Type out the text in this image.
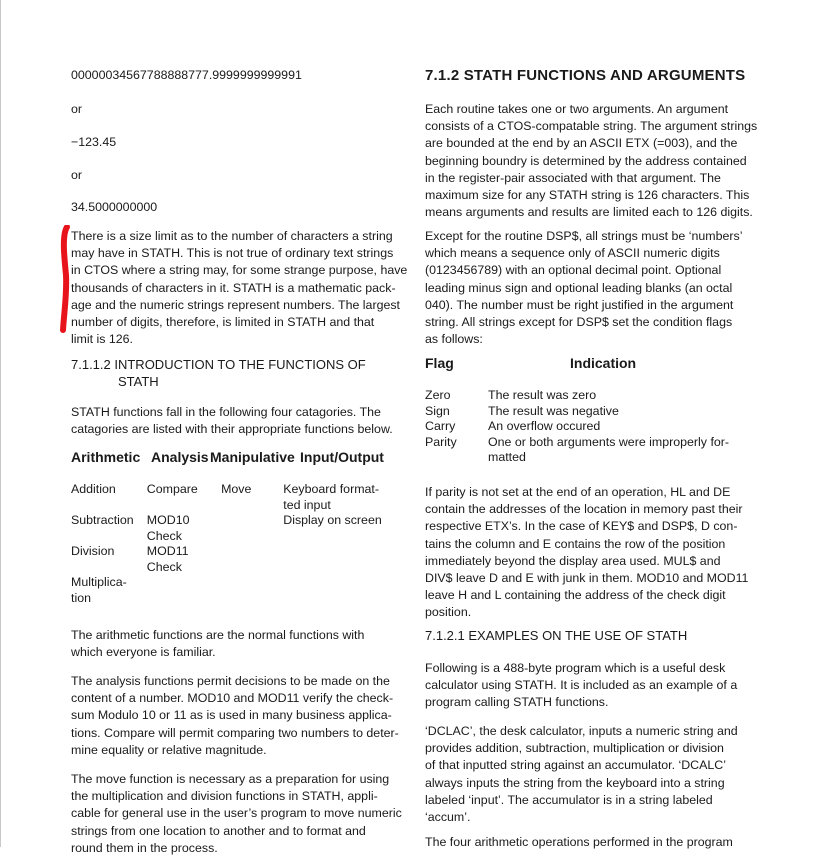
00000034567788888777.9999999999991
or
−123.45
or
34.5000000000
There is a size limit as to the number of characters a string
may have in STATH. This is not true of ordinary text strings
in CTOS where a string may, for some strange purpose, have
thousands of characters in it. STATH is a mathematic pack-
age and the numeric strings represent numbers. The largest
number of digits, therefore, is limited in STATH and that
limit is 126.
7.1.1.2 INTRODUCTION TO THE FUNCTIONS OF
STATH
STATH functions fall in the following four catagories. The
catagories are listed with their appropriate functions below.
Arithmetic Analysis Manipulative Input/Output
Addition	Compare	Move	Keyboard format-
			ted input
Subtraction	MOD10		Display on screen
	Check		
Division	MOD11		
	Check		
Multiplica-			
tion			
The arithmetic functions are the normal functions with
which everyone is familiar.
The analysis functions permit decisions to be made on the
content of a number. MOD10 and MOD11 verify the check-
sum Modulo 10 or 11 as is used in many business applica-
tions. Compare will permit comparing two numbers to deter-
mine equality or relative magnitude.
The move function is necessary as a preparation for using
the multiplication and division functions in STATH, appli-
cable for general use in the user’s program to move numeric
strings from one location to another and to format and
round them in the process.
7.1.2 STATH FUNCTIONS AND ARGUMENTS
Each routine takes one or two arguments. An argument
consists of a CTOS-compatable string. The argument strings
are bounded at the end by an ASCII ETX (=003), and the
beginning boundry is determined by the address contained
in the register-pair associated with that argument. The
maximum size for any STATH string is 126 characters. This
means arguments and results are limited each to 126 digits.
Except for the routine DSP$, all strings must be ‘numbers’
which means a sequence only of ASCII numeric digits
(0123456789) with an optional decimal point. Optional
leading minus sign and optional leading blanks (an octal
040). The number must be right justified in the argument
string. All strings except for DSP$ set the condition flags
as follows:
Flag	Indication
Zero	The result was zero
Sign	The result was negative
Carry	An overflow occured
Parity	One or both arguments were improperly for-
	matted
If parity is not set at the end of an operation, HL and DE
contain the addresses of the location in memory past their
respective ETX’s. In the case of KEY$ and DSP$, D con-
tains the column and E contains the row of the position
immediately beyond the display area used. MUL$ and
DIV$ leave D and E with junk in them. MOD10 and MOD11
leave H and L containing the address of the check digit
position.
7.1.2.1 EXAMPLES ON THE USE OF STATH
Following is a 488-byte program which is a useful desk
calculator using STATH. It is included as an example of a
program calling STATH functions.
‘DCLAC’, the desk calculator, inputs a numeric string and
provides addition, subtraction, multiplication or division
of that inputted string against an accumulator. ‘DCALC’
always inputs the string from the keyboard into a string
labeled ‘input’. The accumulator is in a string labeled
‘accum’.
The four arithmetic operations performed in the program
